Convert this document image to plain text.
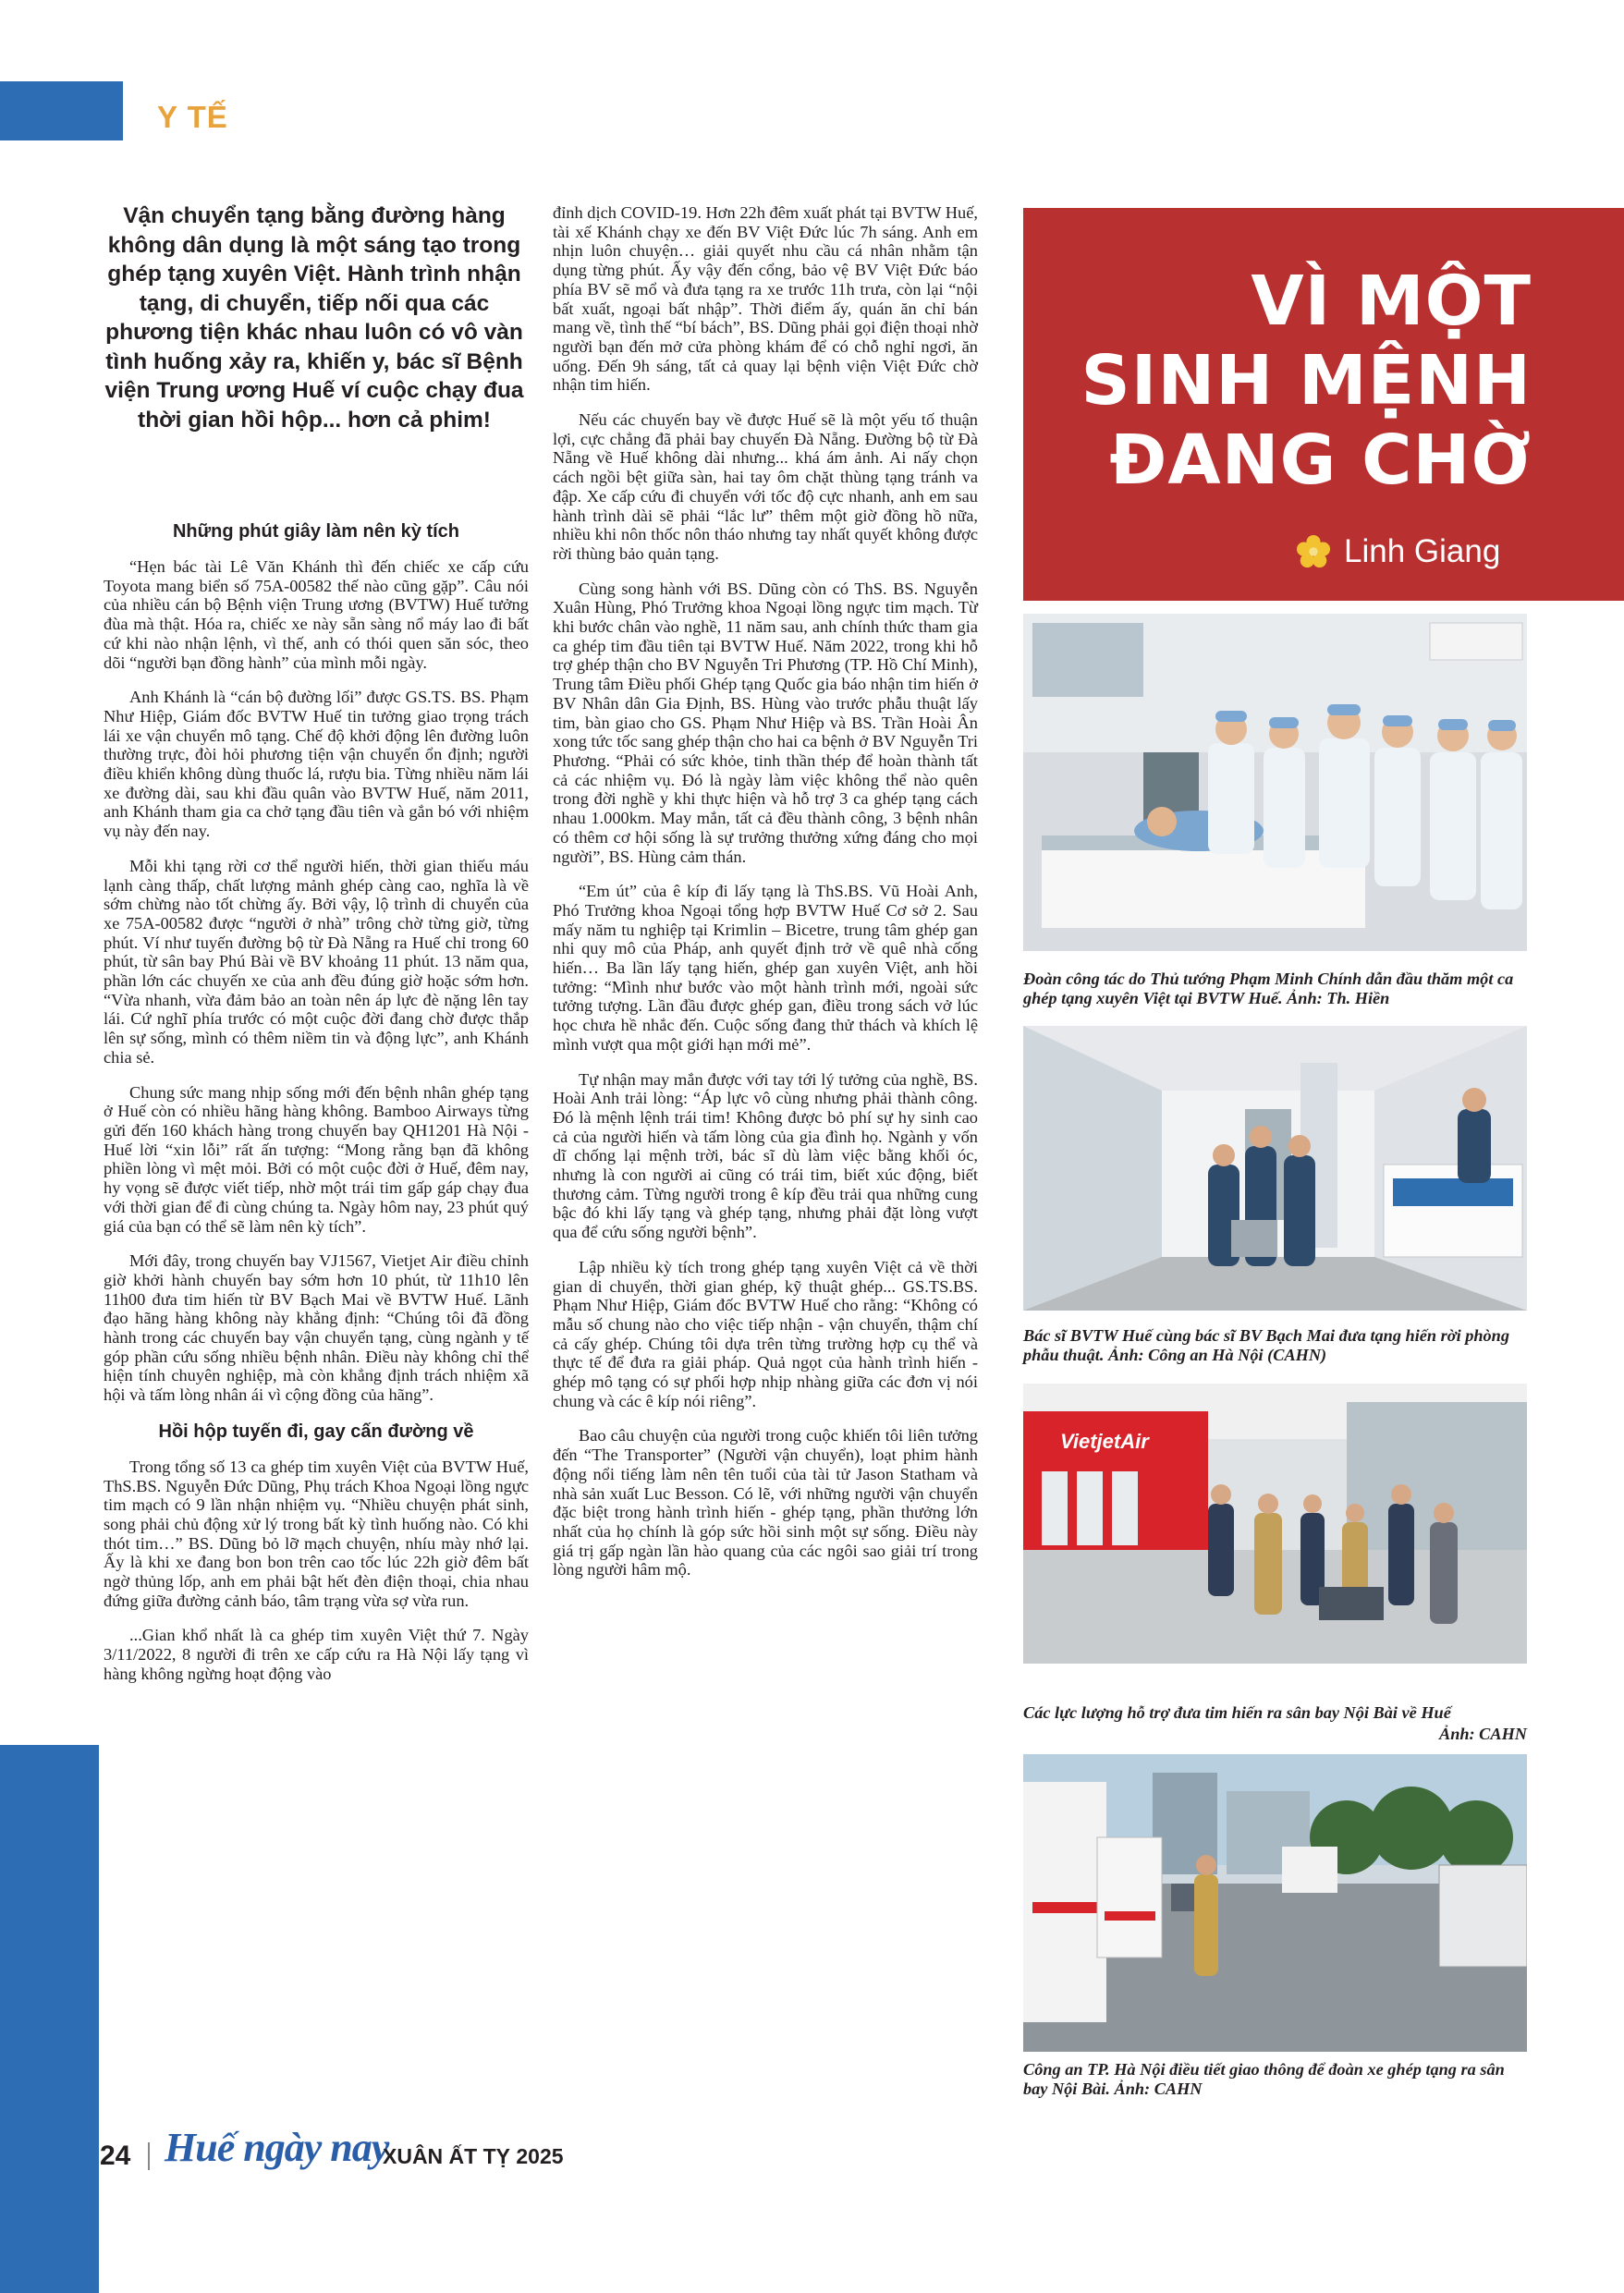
Y TẾ
Vận chuyển tạng bằng đường hàng không dân dụng là một sáng tạo trong ghép tạng xuyên Việt. Hành trình nhận tạng, di chuyển, tiếp nối qua các phương tiện khác nhau luôn có vô vàn tình huống xảy ra, khiến y, bác sĩ Bệnh viện Trung ương Huế ví cuộc chạy đua thời gian hồi hộp... hơn cả phim!
Những phút giây làm nên kỳ tích

“Hẹn bác tài Lê Văn Khánh thì đến chiếc xe cấp cứu Toyota mang biển số 75A-00582 thế nào cũng gặp”. Câu nói của nhiều cán bộ Bệnh viện Trung ương (BVTW) Huế tưởng đùa mà thật. Hóa ra, chiếc xe này sẵn sàng nổ máy lao đi bất cứ khi nào nhận lệnh, vì thế, anh có thói quen săn sóc, theo dõi “người bạn đồng hành” của mình mỗi ngày.

Anh Khánh là “cán bộ đường lối” được GS.TS. BS. Phạm Như Hiệp, Giám đốc BVTW Huế tin tưởng giao trọng trách lái xe vận chuyển mô tạng. Chế độ khởi động lên đường luôn thường trực, đòi hỏi phương tiện vận chuyển ổn định; người điều khiển không dùng thuốc lá, rượu bia. Từng nhiều năm lái xe đường dài, sau khi đầu quân vào BVTW Huế, năm 2011, anh Khánh tham gia ca chở tạng đầu tiên và gắn bó với nhiệm vụ này đến nay.

Mỗi khi tạng rời cơ thể người hiến, thời gian thiếu máu lạnh càng thấp, chất lượng mảnh ghép càng cao, nghĩa là về sớm chừng nào tốt chừng ấy. Bởi vậy, lộ trình di chuyển của xe 75A-00582 được “người ở nhà” trông chờ từng giờ, từng phút. Ví như tuyến đường bộ từ Đà Nẵng ra Huế chỉ trong 60 phút, từ sân bay Phú Bài về BV khoảng 11 phút. 13 năm qua, phần lớn các chuyến xe của anh đều đúng giờ hoặc sớm hơn. “Vừa nhanh, vừa đảm bảo an toàn nên áp lực đè nặng lên tay lái. Cứ nghĩ phía trước có một cuộc đời đang chờ được thắp lên sự sống, mình có thêm niềm tin và động lực”, anh Khánh chia sẻ.

Chung sức mang nhịp sống mới đến bệnh nhân ghép tạng ở Huế còn có nhiều hãng hàng không. Bamboo Airways từng gửi đến 160 khách hàng trong chuyến bay QH1201 Hà Nội - Huế lời “xin lỗi” rất ấn tượng: “Mong rằng bạn đã không phiền lòng vì mệt mỏi. Bởi có một cuộc đời ở Huế, đêm nay, hy vọng sẽ được viết tiếp, nhờ một trái tim gấp gáp chạy đua với thời gian để đi cùng chúng ta. Ngày hôm nay, 23 phút quý giá của bạn có thể sẽ làm nên kỳ tích”.

Mới đây, trong chuyến bay VJ1567, Vietjet Air điều chỉnh giờ khởi hành chuyến bay sớm hơn 10 phút, từ 11h10 lên 11h00 đưa tim hiến từ BV Bạch Mai về BVTW Huế. Lãnh đạo hãng hàng không này khẳng định: “Chúng tôi đã đồng hành trong các chuyến bay vận chuyển tạng, cùng ngành y tế góp phần cứu sống nhiều bệnh nhân. Điều này không chỉ thể hiện tính chuyên nghiệp, mà còn khẳng định trách nhiệm xã hội và tấm lòng nhân ái vì cộng đồng của hãng”.

Hồi hộp tuyến đi, gay cấn đường về

Trong tổng số 13 ca ghép tim xuyên Việt của BVTW Huế, ThS.BS. Nguyễn Đức Dũng, Phụ trách Khoa Ngoại lồng ngực tim mạch có 9 lần nhận nhiệm vụ. “Nhiều chuyện phát sinh, song phải chủ động xử lý trong bất kỳ tình huống nào. Có khi thót tim…” BS. Dũng bỏ lỡ mạch chuyện, nhíu mày nhớ lại. Ấy là khi xe đang bon bon trên cao tốc lúc 22h giờ đêm bất ngờ thủng lốp, anh em phải bật hết đèn điện thoại, chia nhau đứng giữa đường cảnh báo, tâm trạng vừa sợ vừa run.

...Gian khổ nhất là ca ghép tim xuyên Việt thứ 7. Ngày 3/11/2022, 8 người đi trên xe cấp cứu ra Hà Nội lấy tạng vì hàng không ngừng hoạt động vào

đỉnh dịch COVID-19. Hơn 22h đêm xuất phát tại BVTW Huế, tài xế Khánh chạy xe đến BV Việt Đức lúc 7h sáng. Anh em nhịn luôn chuyện… giải quyết nhu cầu cá nhân nhằm tận dụng từng phút. Ấy vậy đến cổng, bảo vệ BV Việt Đức báo phía BV sẽ mổ và đưa tạng ra xe trước 11h trưa, còn lại “nội bất xuất, ngoại bất nhập”. Thời điểm ấy, quán ăn chỉ bán mang về, tình thế “bí bách”, BS. Dũng phải gọi điện thoại nhờ người bạn đến mở cửa phòng khám để có chỗ nghỉ ngơi, ăn uống. Đến 9h sáng, tất cả quay lại bệnh viện Việt Đức chờ nhận tim hiến.

Nếu các chuyến bay về được Huế sẽ là một yếu tố thuận lợi, cực chẳng đã phải bay chuyến Đà Nẵng. Đường bộ từ Đà Nẵng về Huế không dài nhưng... khá ám ảnh. Ai nấy chọn cách ngồi bệt giữa sàn, hai tay ôm chặt thùng tạng tránh va đập. Xe cấp cứu đi chuyển với tốc độ cực nhanh, anh em sau hành trình dài sẽ phải “lắc lư” thêm một giờ đồng hồ nữa, nhiều khi nôn thốc nôn tháo nhưng tay nhất quyết không được rời thùng bảo quản tạng.

Cùng song hành với BS. Dũng còn có ThS. BS. Nguyễn Xuân Hùng, Phó Trưởng khoa Ngoại lồng ngực tim mạch. Từ khi bước chân vào nghề, 11 năm sau, anh chính thức tham gia ca ghép tim đầu tiên tại BVTW Huế. Năm 2022, trong khi hỗ trợ ghép thận cho BV Nguyễn Tri Phương (TP. Hồ Chí Minh), Trung tâm Điều phối Ghép tạng Quốc gia báo nhận tim hiến ở BV Nhân dân Gia Định, BS. Hùng vào trước phẫu thuật lấy tim, bàn giao cho GS. Phạm Như Hiệp và BS. Trần Hoài Ân xong tức tốc sang ghép thận cho hai ca bệnh ở BV Nguyễn Tri Phương. “Phải có sức khỏe, tinh thần thép để hoàn thành tất cả các nhiệm vụ. Đó là ngày làm việc không thể nào quên trong đời nghề y khi thực hiện và hỗ trợ 3 ca ghép tạng cách nhau 1.000km. May mắn, tất cả đều thành công, 3 bệnh nhân có thêm cơ hội sống là sự trưởng thưởng xứng đáng cho mọi người”, BS. Hùng cảm thán.

“Em út” của ê kíp đi lấy tạng là ThS.BS. Vũ Hoài Anh, Phó Trưởng khoa Ngoại tổng hợp BVTW Huế Cơ sở 2. Sau mấy năm tu nghiệp tại Krimlin – Bicetre, trung tâm ghép gan nhi quy mô của Pháp, anh quyết định trở về quê nhà cống hiến… Ba lần lấy tạng hiến, ghép gan xuyên Việt, anh hồi tưởng: “Mình như bước vào một hành trình mới, ngoài sức tưởng tượng. Lần đầu được ghép gan, điều trong sách vở lúc học chưa hề nhắc đến. Cuộc sống đang thử thách và khích lệ mình vượt qua một giới hạn mới mẻ”.

Tự nhận may mắn được với tay tới lý tưởng của nghề, BS. Hoài Anh trải lòng: “Áp lực vô cùng nhưng phải thành công. Đó là mệnh lệnh trái tim! Không được bỏ phí sự hy sinh cao cả của người hiến và tấm lòng của gia đình họ. Ngành y vốn dĩ chống lại mệnh trời, bác sĩ dù làm việc bằng khối óc, nhưng là con người ai cũng có trái tim, biết xúc động, biết thương cảm. Từng người trong ê kíp đều trải qua những cung bậc đó khi lấy tạng và ghép tạng, nhưng phải đặt lòng vượt qua để cứu sống người bệnh”.

Lập nhiều kỳ tích trong ghép tạng xuyên Việt cả về thời gian di chuyển, thời gian ghép, kỹ thuật ghép... GS.TS.BS. Phạm Như Hiệp, Giám đốc BVTW Huế cho rằng: “Không có mẫu số chung nào cho việc tiếp nhận - vận chuyển, thậm chí cả cấy ghép. Chúng tôi dựa trên từng trường hợp cụ thể và thực tế để đưa ra giải pháp. Quả ngọt của hành trình hiến - ghép mô tạng có sự phối hợp nhịp nhàng giữa các đơn vị nói chung và các ê kíp nói riêng”.

Bao câu chuyện của người trong cuộc khiến tôi liên tưởng đến “The Transporter” (Người vận chuyển), loạt phim hành động nổi tiếng làm nên tên tuổi của tài tử Jason Statham và nhà sản xuất Luc Besson. Có lẽ, với những người vận chuyển đặc biệt trong hành trình hiến - ghép tạng, phần thưởng lớn nhất của họ chính là góp sức hồi sinh một sự sống. Điều này giá trị gấp ngàn lần hào quang của các ngôi sao giải trí trong lòng người hâm mộ.

VÌ MỘT
SINH MỆNH
ĐANG CHỜ
Linh Giang
Đoàn công tác do Thủ tướng Phạm Minh Chính dẫn đầu thăm một ca ghép tạng xuyên Việt tại BVTW Huế. Ảnh: Th. Hiền
Bác sĩ BVTW Huế cùng bác sĩ BV Bạch Mai đưa tạng hiến rời phòng phẫu thuật. Ảnh: Công an Hà Nội (CAHN)
VietjetAir
Các lực lượng hỗ trợ đưa tim hiến ra sân bay Nội Bài về Huế
Ảnh: CAHN
Công an TP. Hà Nội điều tiết giao thông để đoàn xe ghép tạng ra sân bay Nội Bài. Ảnh: CAHN
24 Huế ngày nay
XUÂN ẤT TỴ 2025
